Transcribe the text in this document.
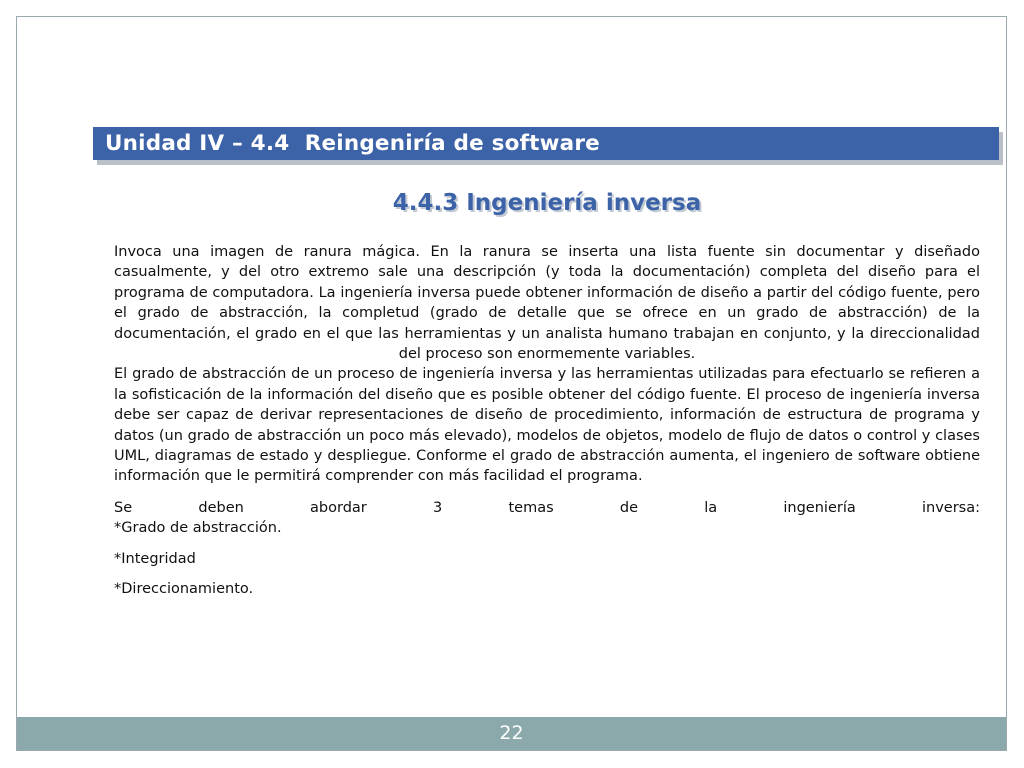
Unidad IV – 4.4  Reingeniría de software
4.4.3 Ingeniería inversa

Invoca una imagen de ranura mágica. En la ranura se inserta una lista fuente sin documentar y diseñado casualmente, y del otro extremo sale una descripción (y toda la documentación) completa del diseño para el programa de computadora. La ingeniería inversa puede obtener información de diseño a partir del código fuente, pero el grado de abstracción, la completud (grado de detalle que se ofrece en un grado de abstracción) de la documentación, el grado en el que las herramientas y un analista humano trabajan en conjunto, y la direccionalidad del proceso son enormemente variables.

El grado de abstracción de un proceso de ingeniería inversa y las herramientas utilizadas para efectuarlo se refieren a la sofisticación de la información del diseño que es posible obtener del código fuente. El proceso de ingeniería inversa debe ser capaz de derivar representaciones de diseño de procedimiento, información de estructura de programa y datos (un grado de abstracción un poco más elevado), modelos de objetos, modelo de flujo de datos o control y clases UML, diagramas de estado y despliegue. Conforme el grado de abstracción aumenta, el ingeniero de software obtiene información que le permitirá comprender con más facilidad el programa.

Se deben abordar 3 temas de la ingeniería inversa:

*Grado de abstracción.

*Integridad

*Direccionamiento.

22
